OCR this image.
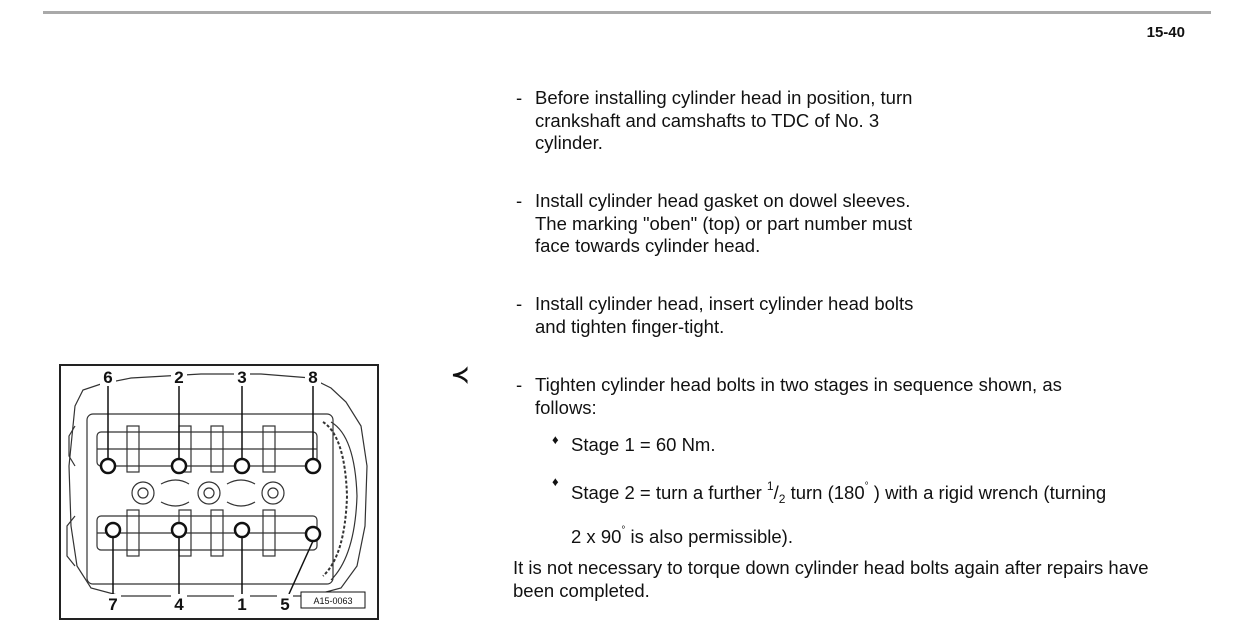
15-40
- Before installing cylinder head in position, turn
crankshaft and camshafts to TDC of No. 3
cylinder.
- Install cylinder head gasket on dowel sleeves.
The marking "oben" (top) or part number must
face towards cylinder head.
- Install cylinder head, insert cylinder head bolts
and tighten finger-tight.
≺	- Tighten cylinder head bolts in two stages in sequence shown, as
follows:
♦ Stage 1 = 60 Nm.
♦
Stage 2 = turn a further $^1/_2$ turn (180° ) with a rigid wrench (turning
2 x 90° is also permissible).
It is not necessary to torque down cylinder head bolts again after repairs have been completed.
6	2	3	8
7	4	1 5	A15-0063
